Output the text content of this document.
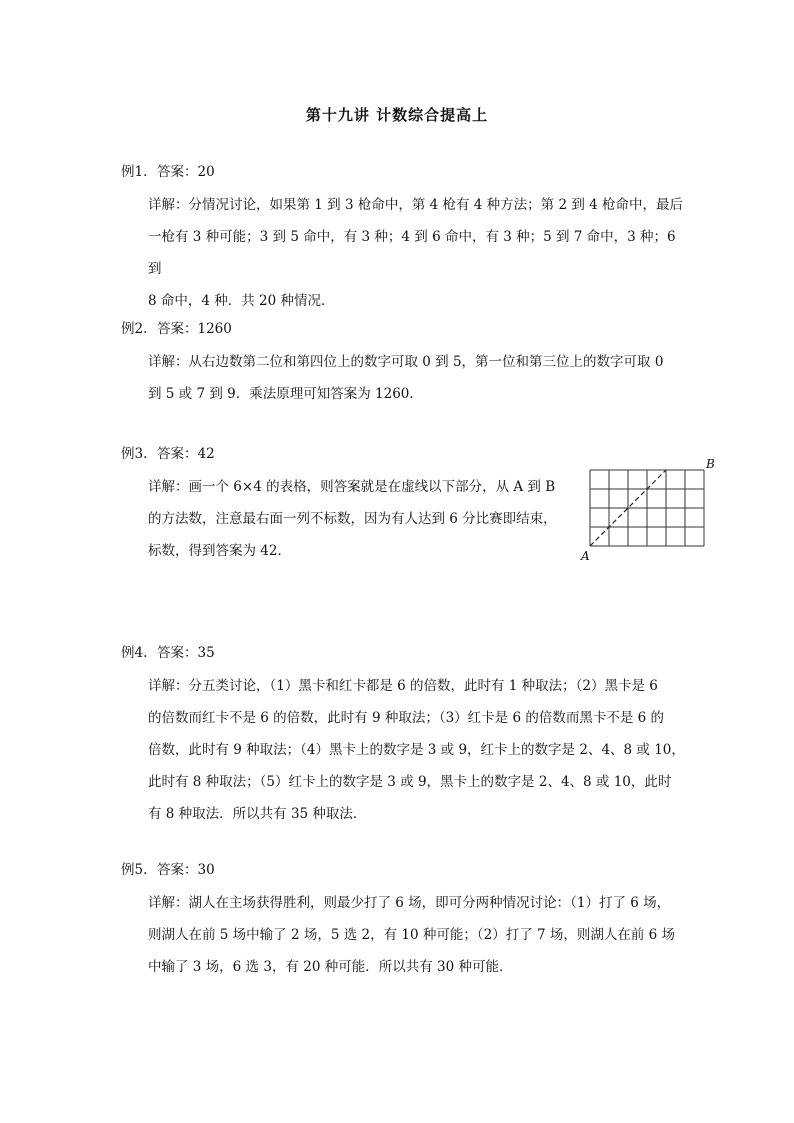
第十九讲 计数综合提高上
例1. 答案：20

详解：分情况讨论，如果第 1 到 3 枪命中，第 4 枪有 4 种方法；第 2 到 4 枪命中，最后

一枪有 3 种可能；3 到 5 命中，有 3 种；4 到 6 命中，有 3 种；5 到 7 命中，3 种；6 到

8 命中，4 种．共 20 种情况．

例2. 答案：1260

详解：从右边数第二位和第四位上的数字可取 0 到 5，第一位和第三位上的数字可取 0

到 5 或 7 到 9．乘法原理可知答案为 1260．

例3. 答案：42

详解：画一个 6×4 的表格，则答案就是在虚线以下部分，从 A 到 B

的方法数，注意最右面一列不标数，因为有人达到 6 分比赛即结束，

标数，得到答案为 42．	A
B
例4. 答案：35

详解：分五类讨论，（1）黑卡和红卡都是 6 的倍数，此时有 1 种取法；（2）黑卡是 6

的倍数而红卡不是 6 的倍数，此时有 9 种取法；（3）红卡是 6 的倍数而黑卡不是 6 的

倍数，此时有 9 种取法；（4）黑卡上的数字是 3 或 9，红卡上的数字是 2、4、8 或 10，

此时有 8 种取法；（5）红卡上的数字是 3 或 9，黑卡上的数字是 2、4、8 或 10，此时

有 8 种取法．所以共有 35 种取法．

例5. 答案：30

详解：湖人在主场获得胜利，则最少打了 6 场，即可分两种情况讨论：（1）打了 6 场，

则湖人在前 5 场中输了 2 场，5 选 2，有 10 种可能；（2）打了 7 场，则湖人在前 6 场

中输了 3 场，6 选 3，有 20 种可能．所以共有 30 种可能．
